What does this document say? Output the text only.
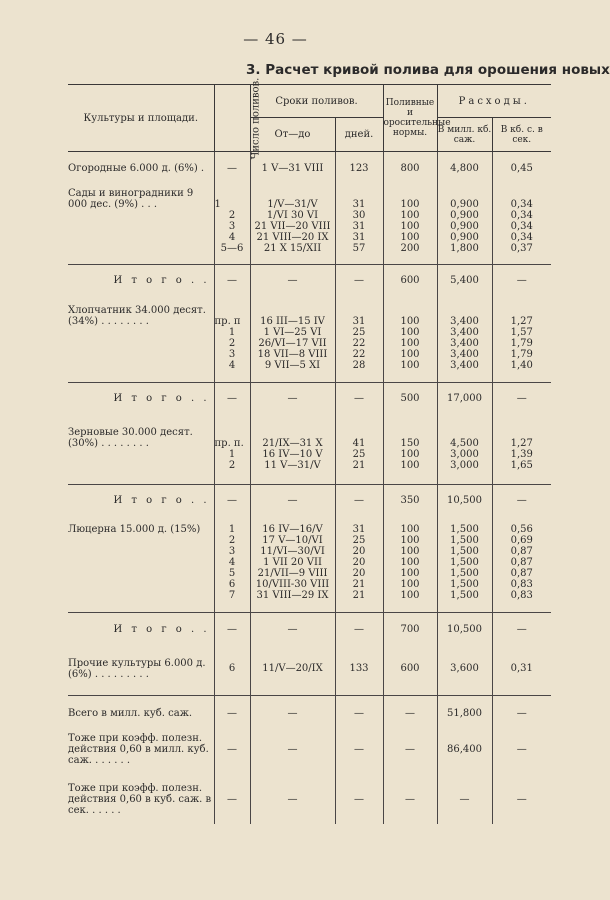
— 46 —
3. Расчет кривой полива для орошения новых
Культуры и площади.	Число поливов.	Сроки поливов.		Поливные и оросительные нормы.	Расходы.	
		От—до	дней.		В милл. кб. саж.	В кб. с. в сек.

Огородные 6.000 д. (6%) .	—	1 V—31 VIII	123	800	4,800	0,45

Сады и виноградники 9 000 дес. (9%) . . .						
	1	1/V—31/V	31	100	0,900	0,34
	2	1/VI 30 VI	30	100	0,900	0,34
	3	21 VII—20 VIII	31	100	0,900	0,34
	4	21 VIII—20 IX	31	100	0,900	0,34
	5—6	21 X 15/XII	57	200	1,800	0,37

И т о г о . .	—	—	—	600	5,400	—

Хлопчатник 34.000 десят. (34%) . . . . . . . .						
	пр. п	16 III—15 IV	31	100	3,400	1,27
	1	1 VI—25 VI	25	100	3,400	1,57
	2	26/VI—17 VII	22	100	3,400	1,79
	3	18 VII—8 VIII	22	100	3,400	1,79
	4	9 VII—5 XI	28	100	3,400	1,40

И т о г о . .	—	—	—	500	17,000	—

Зерновые 30.000 десят. (30%) . . . . . . . .						
	пр. п.	21/IX—31 X	41	150	4,500	1,27
	1	16 IV—10 V	25	100	3,000	1,39
	2	11 V—31/V	21	100	3,000	1,65

И т о г о . .	—	—	—	350	10,500	—

Люцерна 15.000 д. (15%)	1	16 IV—16/V	31	100	1,500	0,56
	2	17 V—10/VI	25	100	1,500	0,69
	3	11/VI—30/VI	20	100	1,500	0,87
	4	1 VII 20 VII	20	100	1,500	0,87
	5	21/VII—9 VIII	20	100	1,500	0,87
	6	10/VIII-30 VIII	21	100	1,500	0,83
	7	31 VIII—29 IX	21	100	1,500	0,83

И т о г о . .	—	—	—	700	10,500	—

Прочие культуры 6.000 д. (6%) . . . . . . . . .	6	11/V—20/IX	133	600	3,600	0,31

Всего в милл. куб. саж.	—	—	—	—	51,800	—
Тоже при коэфф. полезн. действия 0,60 в милл. куб. саж. . . . . . .	—	—	—	—	86,400	—
Тоже при коэфф. полезн. действия 0,60 в куб. саж. в сек. . . . . .	—	—	—	—	—	—
